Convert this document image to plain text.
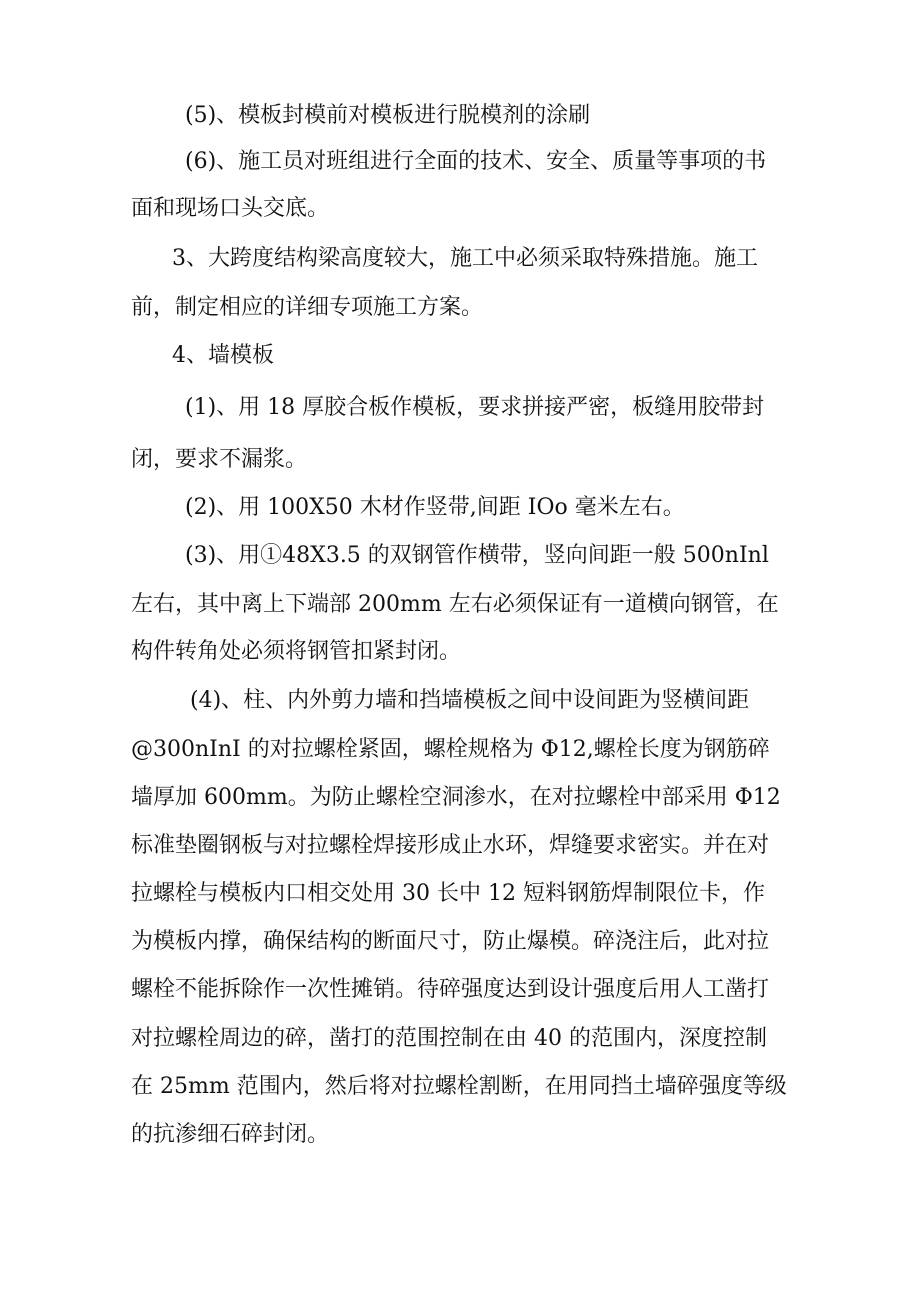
(5)、模板封模前对模板进行脱模剂的涂刷
(6)、施工员对班组进行全面的技术、安全、质量等事项的书
面和现场口头交底。
3、大跨度结构梁高度较大，施工中必须采取特殊措施。施工
前，制定相应的详细专项施工方案。
4、墙模板
(1)、用 18 厚胶合板作模板，要求拼接严密，板缝用胶带封
闭，要求不漏浆。
(2)、用 100X50 木材作竖带,间距 IOo 毫米左右。
(3)、用①48X3.5 的双钢管作横带，竖向间距一般 500nInl
左右，其中离上下端部 200mm 左右必须保证有一道横向钢管，在
构件转角处必须将钢管扣紧封闭。
(4)、柱、内外剪力墙和挡墙模板之间中设间距为竖横间距
@300nInI 的对拉螺栓紧固，螺栓规格为 Φ12,螺栓长度为钢筋碎
墙厚加 600mm。为防止螺栓空洞渗水，在对拉螺栓中部采用 Φ12
标准垫圈钢板与对拉螺栓焊接形成止水环，焊缝要求密实。并在对
拉螺栓与模板内口相交处用 30 长中 12 短料钢筋焊制限位卡，作
为模板内撑，确保结构的断面尺寸，防止爆模。碎浇注后，此对拉
螺栓不能拆除作一次性摊销。待碎强度达到设计强度后用人工凿打
对拉螺栓周边的碎，凿打的范围控制在由 40 的范围内，深度控制
在 25mm 范围内，然后将对拉螺栓割断，在用同挡土墙碎强度等级
的抗渗细石碎封闭。
